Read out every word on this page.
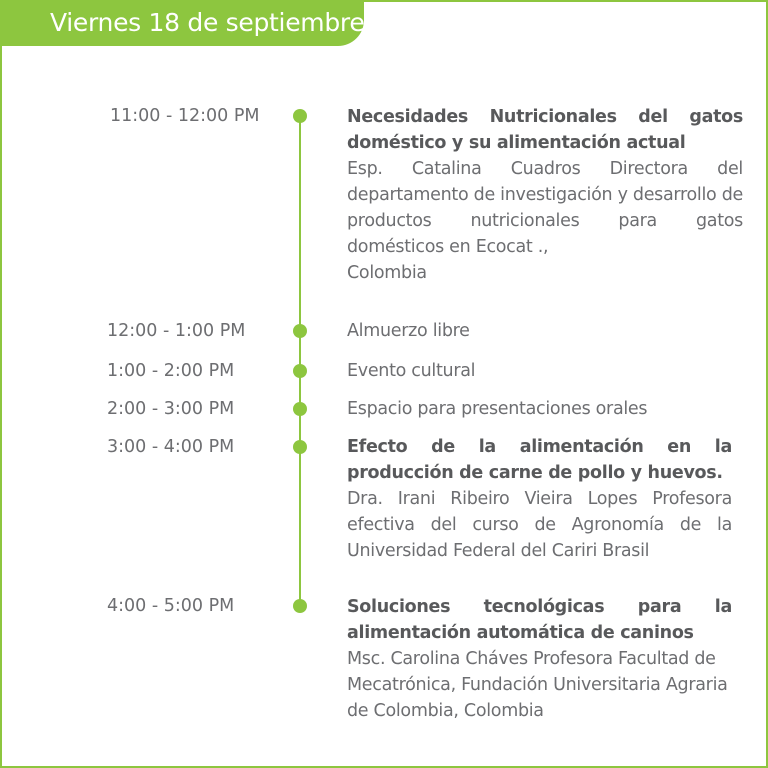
Viernes 18 de septiembre
11:00 - 12:00 PM	Necesidades Nutricionales del gatos doméstico y su alimentación actual
Esp. Catalina Cuadros Directora del departamento de investigación y desarrollo de productos nutricionales para gatos domésticos en Ecocat .,
Colombia
12:00 - 1:00 PM	Almuerzo libre
1:00 - 2:00 PM	Evento cultural
2:00 - 3:00 PM	Espacio para presentaciones orales
3:00 - 4:00 PM	Efecto de la alimentación en la producción de carne de pollo y huevos.
Dra. Irani Ribeiro Vieira Lopes Profesora efectiva del curso de Agronomía de la Universidad Federal del Cariri Brasil
4:00 - 5:00 PM	Soluciones tecnológicas para la alimentación automática de caninos
Msc. Carolina Cháves Profesora Facultad de Mecatrónica, Fundación Universitaria Agraria de Colombia, Colombia
